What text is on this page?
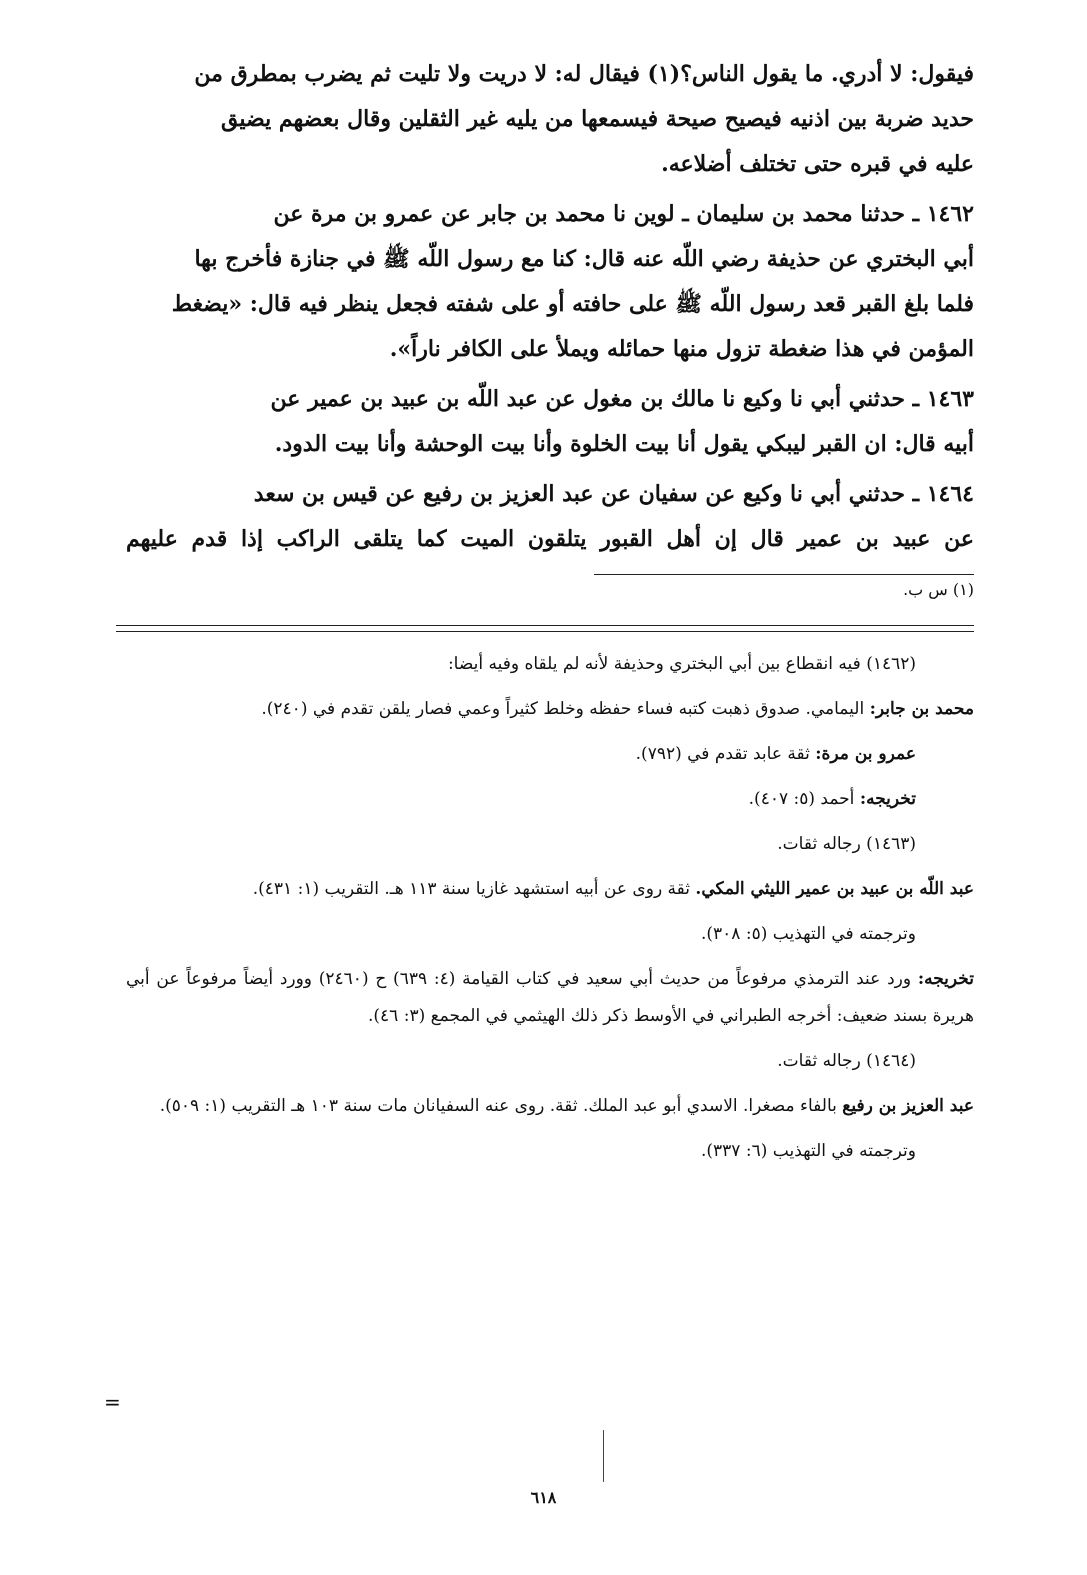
فيقول: لا أدري. ما يقول الناس؟(١) فيقال له: لا دريت ولا تليت ثم يضرب بمطرق من

حديد ضربة بين اذنيه فيصيح صيحة فيسمعها من يليه غير الثقلين وقال بعضهم يضيق

عليه في قبره حتى تختلف أضلاعه.

١٤٦٢ ـ حدثنا محمد بن سليمان ـ لوين نا محمد بن جابر عن عمرو بن مرة عن

أبي البختري عن حذيفة رضي اللّه عنه قال: كنا مع رسول اللّه ﷺ في جنازة فأخرج بها

فلما بلغ القبر قعد رسول اللّه ﷺ على حافته أو على شفته فجعل ينظر فيه قال: «يضغط

المؤمن في هذا ضغطة تزول منها حمائله ويملأ على الكافر ناراً».

١٤٦٣ ـ حدثني أبي نا وكيع نا مالك بن مغول عن عبد اللّه بن عبيد بن عمير عن

أبيه قال: ان القبر ليبكي يقول أنا بيت الخلوة وأنا بيت الوحشة وأنا بيت الدود.

١٤٦٤ ـ حدثني أبي نا وكيع عن سفيان عن عبد العزيز بن رفيع عن قيس بن سعد

عن عبيد بن عمير قال إن أهل القبور يتلقون الميت كما يتلقى الراكب إذا قدم عليهم

(١) س ب.

(١٤٦٢) فيه انقطاع بين أبي البختري وحذيفة لأنه لم يلقاه وفيه أيضا:

محمد بن جابر: اليمامي. صدوق ذهبت كتبه فساء حفظه وخلط كثيراً وعمي فصار يلقن تقدم في (٢٤٠).

عمرو بن مرة: ثقة عابد تقدم في (٧٩٢).

تخريجه: أحمد (٥: ٤٠٧).

(١٤٦٣) رجاله ثقات.

عبد اللّه بن عبيد بن عمير الليثي المكي. ثقة روى عن أبيه استشهد غازيا سنة ١١٣ هـ. التقريب (١: ٤٣١).

وترجمته في التهذيب (٥: ٣٠٨).

تخريجه: ورد عند الترمذي مرفوعاً من حديث أبي سعيد في كتاب القيامة (٤: ٦٣٩) ح (٢٤٦٠) وورد أيضاً مرفوعاً عن أبي هريرة بسند ضعيف: أخرجه الطبراني في الأوسط ذكر ذلك الهيثمي في المجمع (٣: ٤٦).

(١٤٦٤) رجاله ثقات.

عبد العزيز بن رفيع بالفاء مصغرا. الاسدي أبو عبد الملك. ثقة. روى عنه السفيانان مات سنة ١٠٣ هـ التقريب (١: ٥٠٩).

وترجمته في التهذيب (٦: ٣٣٧).

=
٦١٨
